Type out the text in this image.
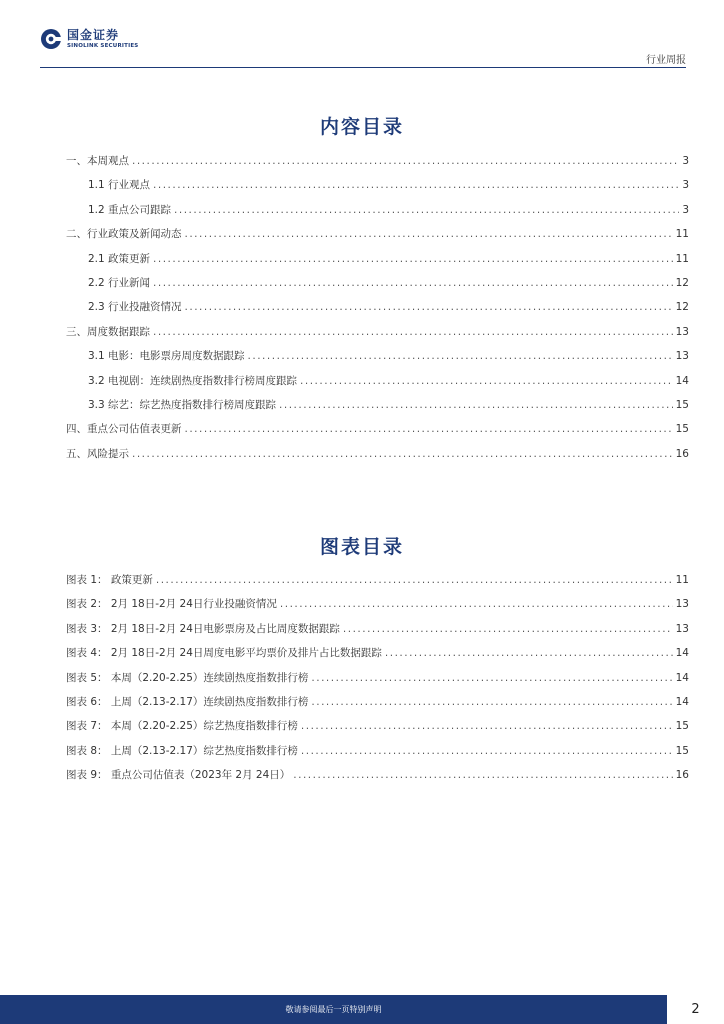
国金证券
SINOLINK SECURITIES
行业周报
内容目录
一、本周观点 .....	3
1.1 行业观点 .....	3
1.2 重点公司跟踪 .....	3
二、行业政策及新闻动态 .....	11
2.1 政策更新 .....	11
2.2 行业新闻 .....	12
2.3 行业投融资情况 .....	12
三、周度数据跟踪 .....	13
3.1 电影：电影票房周度数据跟踪 .....	13
3.2 电视剧：连续剧热度指数排行榜周度跟踪 .....	14
3.3 综艺：综艺热度指数排行榜周度跟踪 .....	15
四、重点公司估值表更新 .....	15
五、风险提示 .....	16
图表目录
图表 1： 政策更新 .....	11
图表 2： 2月 18日-2月 24日行业投融资情况 .....	13
图表 3： 2月 18日-2月 24日电影票房及占比周度数据跟踪 .....	13
图表 4： 2月 18日-2月 24日周度电影平均票价及排片占比数据跟踪 .....	14
图表 5： 本周（2.20-2.25）连续剧热度指数排行榜 .....	14
图表 6： 上周（2.13-2.17）连续剧热度指数排行榜 .....	14
图表 7： 本周（2.20-2.25）综艺热度指数排行榜 .....	15
图表 8： 上周（2.13-2.17）综艺热度指数排行榜 .....	15
图表 9： 重点公司估值表（2023年 2月 24日） .....	16
敬请参阅最后一页特别声明	2
